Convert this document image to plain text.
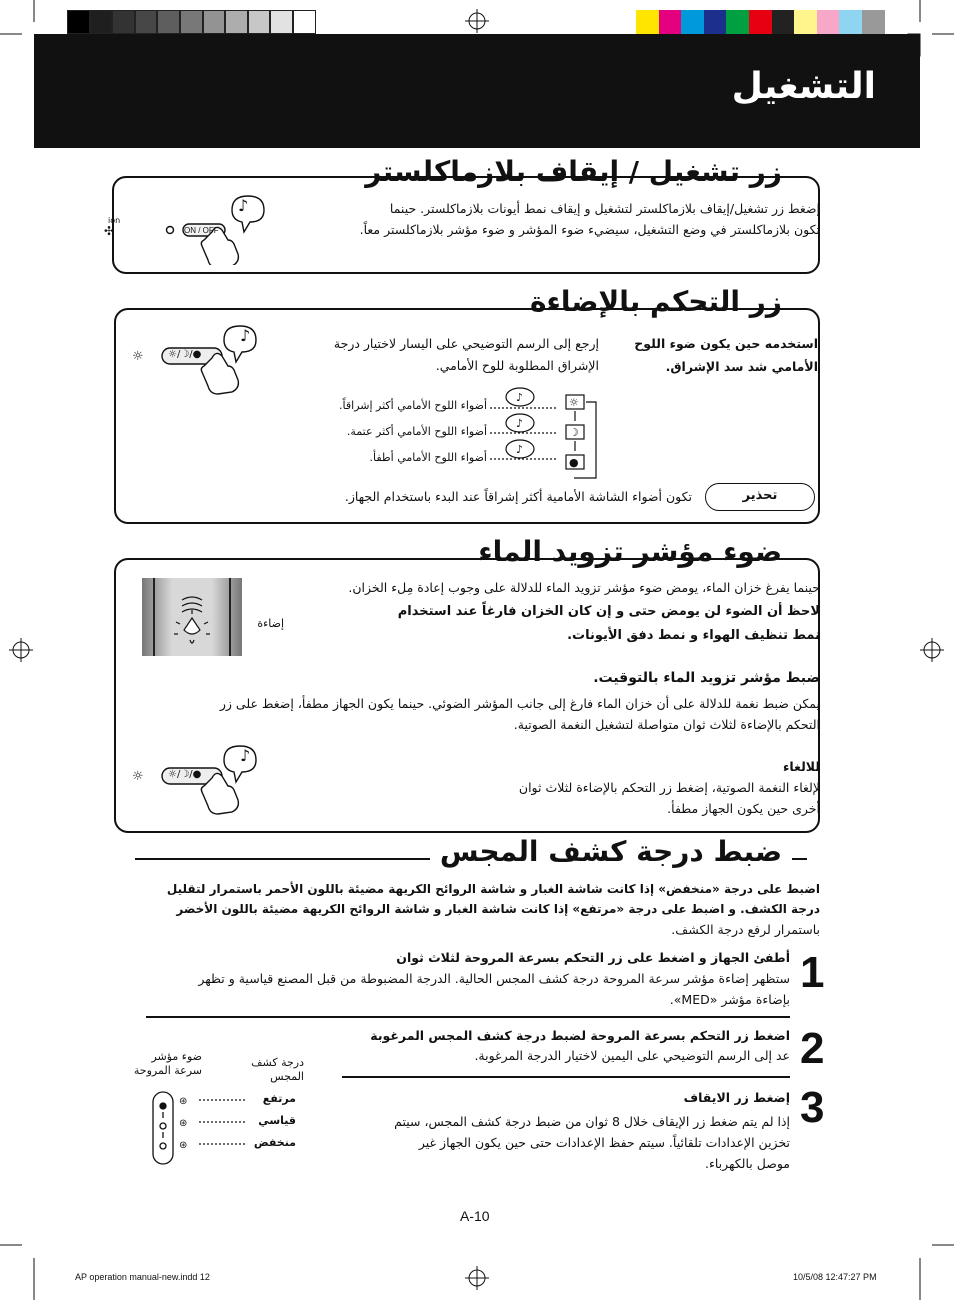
التشغيل
زر تشغيل / إيقاف بلازماكلستر
إضغط زر تشغيل/إيقاف بلازماكلستر لتشغيل و إيقاف نمط أيونات بلازماكلستر. حينما
تكون بلازماكلستر في وضع التشغيل، سيضيء ضوء المؤشر و ضوء مؤشر بلازماكلستر معاً.
ion
✣	ON / OFF
♪
زر التحكم بالإضاءة
استخدمه حين يكون ضوء اللوح
الأمامي شد سد الإشراق.
إرجع إلى الرسم التوضيحي على اليسار لاختيار درجة
الإشراق المطلوبة للوح الأمامي.
☼ ☼/☽/●
♪
♪
♪
♪
☼
☽
●
أضواء اللوح الأمامي أكثر إشراقاً.
أضواء اللوح الأمامي أكثر عتمة.
أضواء اللوح الأمامي أطفأ.
تحذير
تكون أضواء الشاشة الأمامية أكثر إشراقاً عند البدء باستخدام الجهاز.
ضوء مؤشر تزويد الماء
حينما يفرغ خزان الماء، يومض ضوء مؤشر تزويد الماء للدلالة على وجوب إعادة مِلء الخزان.
لاحظ أن الضوء لن يومض حتى و إن كان الخزان فارغاً عند استخدام
نمط تنظيف الهواء و نمط دفق الأيونات.
إضاءة
ضبط مؤشر تزويد الماء بالتوقيت.
يمكن ضبط نغمة للدلالة على أن خزان الماء فارغ إلى جانب المؤشر الضوئي. حينما يكون الجهاز مطفأ، إضغط على زر
التحكم بالإضاءة لثلاث ثوان متواصلة لتشغيل النغمة الصوتية.
للالغاء
لإلغاء النغمة الصوتية، إضغط زر التحكم بالإضاءة لثلاث ثوان
أخرى حين يكون الجهاز مطفأ.
☼ ☼/☽/●
♪
ضبط درجة كشف المجس
اضبط على درجة «منخفض» إذا كانت شاشة الغبار و شاشة الروائح الكريهة مضيئة باللون الأحمر باستمرار لتقليل
درجة الكشف. و اضبط على درجة «مرتفع» إذا كانت شاشة الغبار و شاشة الروائح الكريهة مضيئة باللون الأخضر
باستمرار لرفع درجة الكشف.
1
أطفئ الجهاز و اضغط على زر التحكم بسرعة المروحة لثلاث ثوان
ستظهر إضاءة مؤشر سرعة المروحة درجة كشف المجس الحالية. الدرجة المضبوطة من قبل المصنع قياسية و تظهر
بإضاءة مؤشر «MED».
2
اضغط زر التحكم بسرعة المروحة لضبط درجة كشف المجس المرغوبة
عد إلى الرسم التوضيحي على اليمين لاختيار الدرجة المرغوبة.
3
إضغط زر الايقاف
إذا لم يتم ضغط زر الإيقاف خلال 8 ثوان من ضبط درجة كشف المجس، سيتم
تخزين الإعدادات تلقائياً. سيتم حفظ الإعدادات حتى حين يكون الجهاز غير
موصل بالكهرباء.
ضوء مؤشر سرعة المروحة
درجة كشف المجس
⊛
⊛
⊛
مرتفع
قياسي
منخفض
A-10
AP operation manual-new.indd 12	10/5/08 12:47:27 PM
